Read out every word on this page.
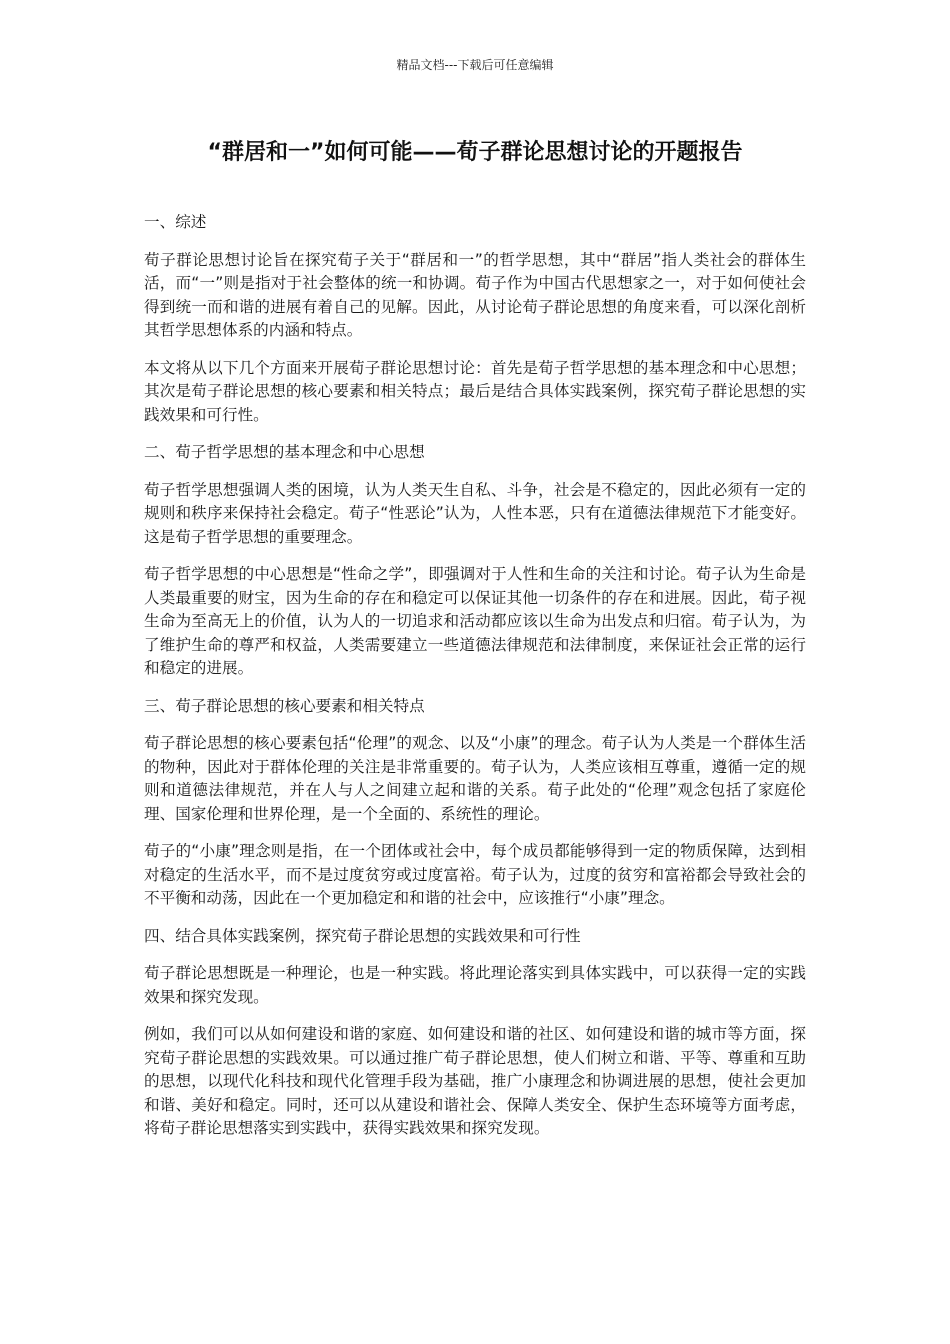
精品文档---下载后可任意编辑
“群居和一”如何可能——荀子群论思想讨论的开题报告

一、综述

荀子群论思想讨论旨在探究荀子关于“群居和一”的哲学思想，其中“群居”指人类社会的群体生活，而“一”则是指对于社会整体的统一和协调。荀子作为中国古代思想家之一，对于如何使社会得到统一而和谐的进展有着自己的见解。因此，从讨论荀子群论思想的角度来看，可以深化剖析其哲学思想体系的内涵和特点。

本文将从以下几个方面来开展荀子群论思想讨论：首先是荀子哲学思想的基本理念和中心思想；其次是荀子群论思想的核心要素和相关特点；最后是结合具体实践案例，探究荀子群论思想的实践效果和可行性。

二、荀子哲学思想的基本理念和中心思想

荀子哲学思想强调人类的困境，认为人类天生自私、斗争，社会是不稳定的，因此必须有一定的规则和秩序来保持社会稳定。荀子“性恶论”认为，人性本恶，只有在道德法律规范下才能变好。这是荀子哲学思想的重要理念。

荀子哲学思想的中心思想是“性命之学”，即强调对于人性和生命的关注和讨论。荀子认为生命是人类最重要的财宝，因为生命的存在和稳定可以保证其他一切条件的存在和进展。因此，荀子视生命为至高无上的价值，认为人的一切追求和活动都应该以生命为出发点和归宿。荀子认为，为了维护生命的尊严和权益，人类需要建立一些道德法律规范和法律制度，来保证社会正常的运行和稳定的进展。

三、荀子群论思想的核心要素和相关特点

荀子群论思想的核心要素包括“伦理”的观念、以及“小康”的理念。荀子认为人类是一个群体生活的物种，因此对于群体伦理的关注是非常重要的。荀子认为，人类应该相互尊重，遵循一定的规则和道德法律规范，并在人与人之间建立起和谐的关系。荀子此处的“伦理”观念包括了家庭伦理、国家伦理和世界伦理，是一个全面的、系统性的理论。

荀子的“小康”理念则是指，在一个团体或社会中，每个成员都能够得到一定的物质保障，达到相对稳定的生活水平，而不是过度贫穷或过度富裕。荀子认为，过度的贫穷和富裕都会导致社会的不平衡和动荡，因此在一个更加稳定和和谐的社会中，应该推行“小康”理念。

四、结合具体实践案例，探究荀子群论思想的实践效果和可行性

荀子群论思想既是一种理论，也是一种实践。将此理论落实到具体实践中，可以获得一定的实践效果和探究发现。

例如，我们可以从如何建设和谐的家庭、如何建设和谐的社区、如何建设和谐的城市等方面，探究荀子群论思想的实践效果。可以通过推广荀子群论思想，使人们树立和谐、平等、尊重和互助的思想，以现代化科技和现代化管理手段为基础，推广小康理念和协调进展的思想，使社会更加和谐、美好和稳定。同时，还可以从建设和谐社会、保障人类安全、保护生态环境等方面考虑，将荀子群论思想落实到实践中，获得实践效果和探究发现。
